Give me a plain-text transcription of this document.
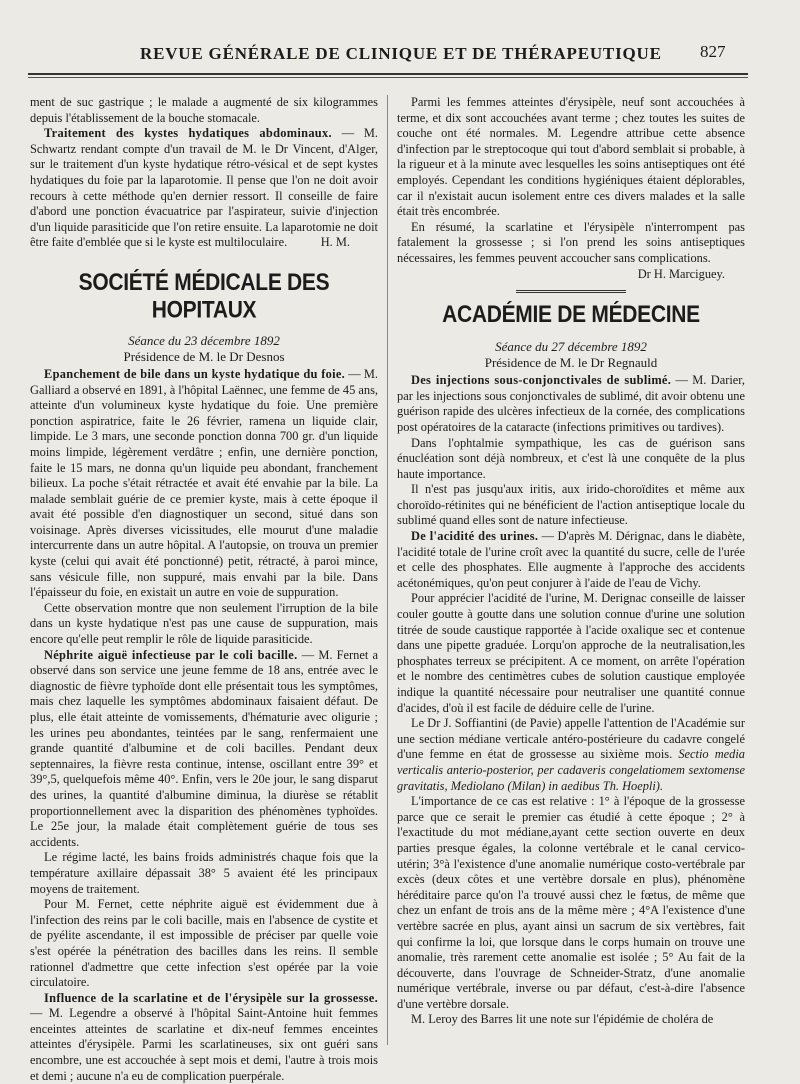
REVUE GÉNÉRALE DE CLINIQUE ET DE THÉRAPEUTIQUE 827

ment de suc gastrique ; le malade a augmenté de six kilogrammes depuis l'établissement de la bouche stomacale.

Traitement des kystes hydatiques abdominaux. — M. Schwartz rendant compte d'un travail de M. le Dr Vincent, d'Alger, sur le traitement d'un kyste hydatique rétro-vésical et de sept kystes hydatiques du foie par la laparotomie. Il pense que l'on ne doit avoir recours à cette méthode qu'en dernier ressort. Il conseille de faire d'abord une ponction évacuatrice par l'aspirateur, suivie d'injection d'un liquide parasiticide que l'on retire ensuite. La laparotomie ne doit être faite d'emblée que si le kyste est multiloculaire.	H. M.

SOCIÉTÉ MÉDICALE DES HOPITAUX
Séance du 23 décembre 1892
Présidence de M. le Dr Desnos

Epanchement de bile dans un kyste hydatique du foie. — M. Galliard a observé en 1891, à l'hôpital Laënnec, une femme de 45 ans, atteinte d'un volumineux kyste hydatique du foie. Une première ponction aspiratrice, faite le 26 février, ramena un liquide clair, limpide. Le 3 mars, une seconde ponction donna 700 gr. d'un liquide moins limpide, légèrement verdâtre ; enfin, une dernière ponction, faite le 15 mars, ne donna qu'un liquide peu abondant, franchement bilieux. La poche s'était rétractée et avait été envahie par la bile. La malade semblait guérie de ce premier kyste, mais à cette époque il avait été possible d'en diagnostiquer un second, situé dans son voisinage. Après diverses vicissitudes, elle mourut d'une maladie intercurrente dans un autre hôpital. A l'autopsie, on trouva un premier kyste (celui qui avait été ponctionné) petit, rétracté, à paroi mince, sans vésicule fille, non suppuré, mais envahi par la bile. Dans l'épaisseur du foie, en existait un autre en voie de suppuration.

Cette observation montre que non seulement l'irruption de la bile dans un kyste hydatique n'est pas une cause de suppuration, mais encore qu'elle peut remplir le rôle de liquide parasiticide.

Néphrite aiguë infectieuse par le coli bacille. — M. Fernet a observé dans son service une jeune femme de 18 ans, entrée avec le diagnostic de fièvre typhoïde dont elle présentait tous les symptômes, mais chez laquelle les symptômes abdominaux faisaient défaut. De plus, elle était atteinte de vomissements, d'hématurie avec oligurie ; les urines peu abondantes, teintées par le sang, renfermaient une grande quantité d'albumine et de coli bacilles. Pendant deux septennaires, la fièvre resta continue, intense, oscillant entre 39° et 39°,5, quelquefois même 40°. Enfin, vers le 20e jour, le sang disparut des urines, la quantité d'albumine diminua, la diurèse se rétablit proportionnellement avec la disparition des phénomènes typhoïdes. Le 25e jour, la malade était complètement guérie de tous ses accidents.

Le régime lacté, les bains froids administrés chaque fois que la température axillaire dépassait 38° 5 avaient été les principaux moyens de traitement.

Pour M. Fernet, cette néphrite aiguë est évidemment due à l'infection des reins par le coli bacille, mais en l'absence de cystite et de pyélite ascendante, il est impossible de préciser par quelle voie s'est opérée la pénétration des bacilles dans les reins. Il semble rationnel d'admettre que cette infection s'est opérée par la voie circulatoire.

Influence de la scarlatine et de l'érysipèle sur la grossesse. — M. Legendre a observé à l'hôpital Saint-Antoine huit femmes enceintes atteintes de scarlatine et dix-neuf femmes enceintes atteintes d'érysipèle. Parmi les scarlatineuses, six ont guéri sans encombre, une est accouchée à sept mois et demi, l'autre à trois mois et demi ; aucune n'a eu de complication puerpérale.

Parmi les femmes atteintes d'érysipèle, neuf sont accouchées à terme, et dix sont accouchées avant terme ; chez toutes les suites de couche ont été normales. M. Legendre attribue cette absence d'infection par le streptocoque qui tout d'abord semblait si probable, à la rigueur et à la minute avec lesquelles les soins antiseptiques ont été employés. Cependant les conditions hygiéniques étaient déplorables, car il n'existait aucun isolement entre ces divers malades et la salle était très encombrée.

En résumé, la scarlatine et l'érysipèle n'interrompent pas fatalement la grossesse ; si l'on prend les soins antiseptiques nécessaires, les femmes peuvent accoucher sans complications.

Dr H. Marciguey.
ACADÉMIE DE MÉDECINE
Séance du 27 décembre 1892
Présidence de M. le Dr Regnauld

Des injections sous-conjonctivales de sublimé. — M. Darier, par les injections sous conjonctivales de sublimé, dit avoir obtenu une guérison rapide des ulcères infectieux de la cornée, des complications post opératoires de la cataracte (infections primitives ou tardives).

Dans l'ophtalmie sympathique, les cas de guérison sans énucléation sont déjà nombreux, et c'est là une conquête de la plus haute importance.

Il n'est pas jusqu'aux iritis, aux irido-choroïdites et même aux choroïdo-rétinites qui ne bénéficient de l'action antiseptique locale du sublimé quand elles sont de nature infectieuse.

De l'acidité des urines. — D'après M. Dérignac, dans le diabète, l'acidité totale de l'urine croît avec la quantité du sucre, celle de l'urée et celle des phosphates. Elle augmente à l'approche des accidents acétonémiques, qu'on peut conjurer à l'aide de l'eau de Vichy.

Pour apprécier l'acidité de l'urine, M. Derignac conseille de laisser couler goutte à goutte dans une solution connue d'urine une solution titrée de soude caustique rapportée à l'acide oxalique sec et contenue dans une pipette graduée. Lorqu'on approche de la neutralisation,les phosphates terreux se précipitent. A ce moment, on arrête l'opération et le nombre des centimètres cubes de solution caustique employée indique la quantité nécessaire pour neutraliser une quantité connue d'acides, d'où il est facile de déduire celle de l'urine.

Le Dr J. Soffiantini (de Pavie) appelle l'attention de l'Académie sur une section médiane verticale antéro-postérieure du cadavre congelé d'une femme en état de grossesse au sixième mois. Sectio media verticalis anterio-posterior, per cadaveris congelatiomem sextomense gravitatis, Mediolano (Milan) in aedibus Th. Hoepli).

L'importance de ce cas est relative : 1° à l'époque de la grossesse parce que ce serait le premier cas étudié à cette époque ; 2° à l'exactitude du mot médiane,ayant cette section ouverte en deux parties presque égales, la colonne vertébrale et le canal cervico-utérin; 3°à l'existence d'une anomalie numérique costo-vertébrale par excès (deux côtes et une vertèbre dorsale en plus), phénomène héréditaire parce qu'on l'a trouvé aussi chez le fœtus, de même que chez un enfant de trois ans de la même mère ; 4°A l'existence d'une vertèbre sacrée en plus, ayant ainsi un sacrum de six vertèbres, fait qui confirme la loi, que lorsque dans le corps humain on trouve une anomalie, très rarement cette anomalie est isolée ; 5° Au fait de la découverte, dans l'ouvrage de Schneider-Stratz, d'une anomalie numérique vertébrale, inverse ou par défaut, c'est-à-dire l'absence d'une vertèbre dorsale.

M. Leroy des Barres lit une note sur l'épidémie de choléra de
